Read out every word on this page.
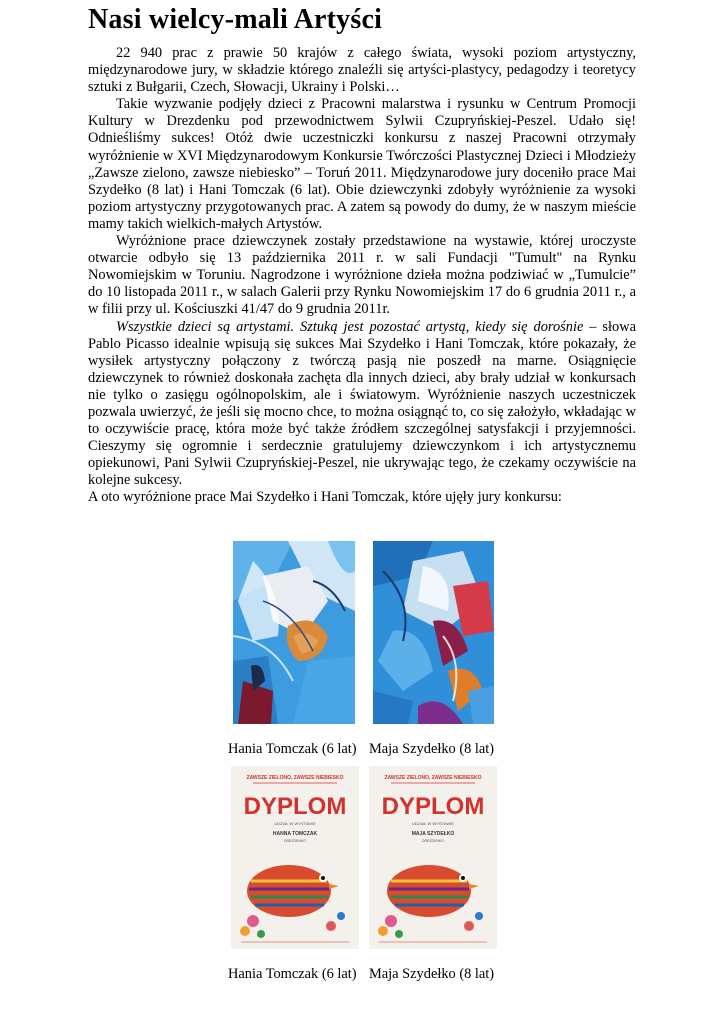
Nasi wielcy-mali Artyści

22 940 prac z prawie 50 krajów z całego świata, wysoki poziom artystyczny, międzynarodowe jury, w składzie którego znaleźli się artyści-plastycy, pedagodzy i teoretycy sztuki z Bułgarii, Czech, Słowacji, Ukrainy i Polski…

Takie wyzwanie podjęły dzieci z Pracowni malarstwa i rysunku w Centrum Promocji Kultury w Drezdenku pod przewodnictwem Sylwii Czupryńskiej-Peszel. Udało się! Odnieśliśmy sukces! Otóż dwie uczestniczki konkursu z naszej Pracowni otrzymały wyróżnienie w XVI Międzynarodowym Konkursie Twórczości Plastycznej Dzieci i Młodzieży „Zawsze zielono, zawsze niebiesko” – Toruń 2011. Międzynarodowe jury doceniło prace Mai Szydełko (8 lat) i Hani Tomczak (6 lat). Obie dziewczynki zdobyły wyróżnienie za wysoki poziom artystyczny przygotowanych prac. A zatem są powody do dumy, że w naszym mieście mamy takich wielkich-małych Artystów.

Wyróżnione prace dziewczynek zostały przedstawione na wystawie, której uroczyste otwarcie odbyło się 13 października 2011 r. w sali Fundacji "Tumult" na Rynku Nowomiejskim w Toruniu. Nagrodzone i wyróżnione dzieła można podziwiać w „Tumulcie” do 10 listopada 2011 r., w salach Galerii przy Rynku Nowomiejskim 17 do 6 grudnia 2011 r., a w filii przy ul. Kościuszki 41/47 do 9 grudnia 2011r.

Wszystkie dzieci są artystami. Sztuką jest pozostać artystą, kiedy się dorośnie – słowa Pablo Picasso idealnie wpisują się sukces Mai Szydełko i Hani Tomczak, które pokazały, że wysiłek artystyczny połączony z twórczą pasją nie poszedł na marne. Osiągnięcie dziewczynek to również doskonała zachęta dla innych dzieci, aby brały udział w konkursach nie tylko o zasięgu ogólnopolskim, ale i światowym. Wyróżnienie naszych uczestniczek pozwala uwierzyć, że jeśli się mocno chce, to można osiągnąć to, co się założyło, wkładając w to oczywiście pracę, która może być także źródłem szczególnej satysfakcji i przyjemności. Cieszymy się ogromnie i serdecznie gratulujemy dziewczynkom i ich artystycznemu opiekunowi, Pani Sylwii Czupryńskiej-Peszel, nie ukrywając tego, że czekamy oczywiście na kolejne sukcesy.

A oto wyróżnione prace Mai Szydełko i Hani Tomczak, które ujęły jury konkursu:

Hania Tomczak (6 lat) Maja Szydełko (8 lat)
ZAWSZE ZIELONO, ZAWSZE NIEBIESKO
DYPLOM
UDZIAŁ W WYSTAWIE
HANNA TOMCZAK
DREZDENKO
ZAWSZE ZIELONO, ZAWSZE NIEBIESKO
DYPLOM
UDZIAŁ W WYSTAWIE
MAJA SZYDEŁKO
DREZDENKO
Hania Tomczak (6 lat) Maja Szydełko (8 lat)
